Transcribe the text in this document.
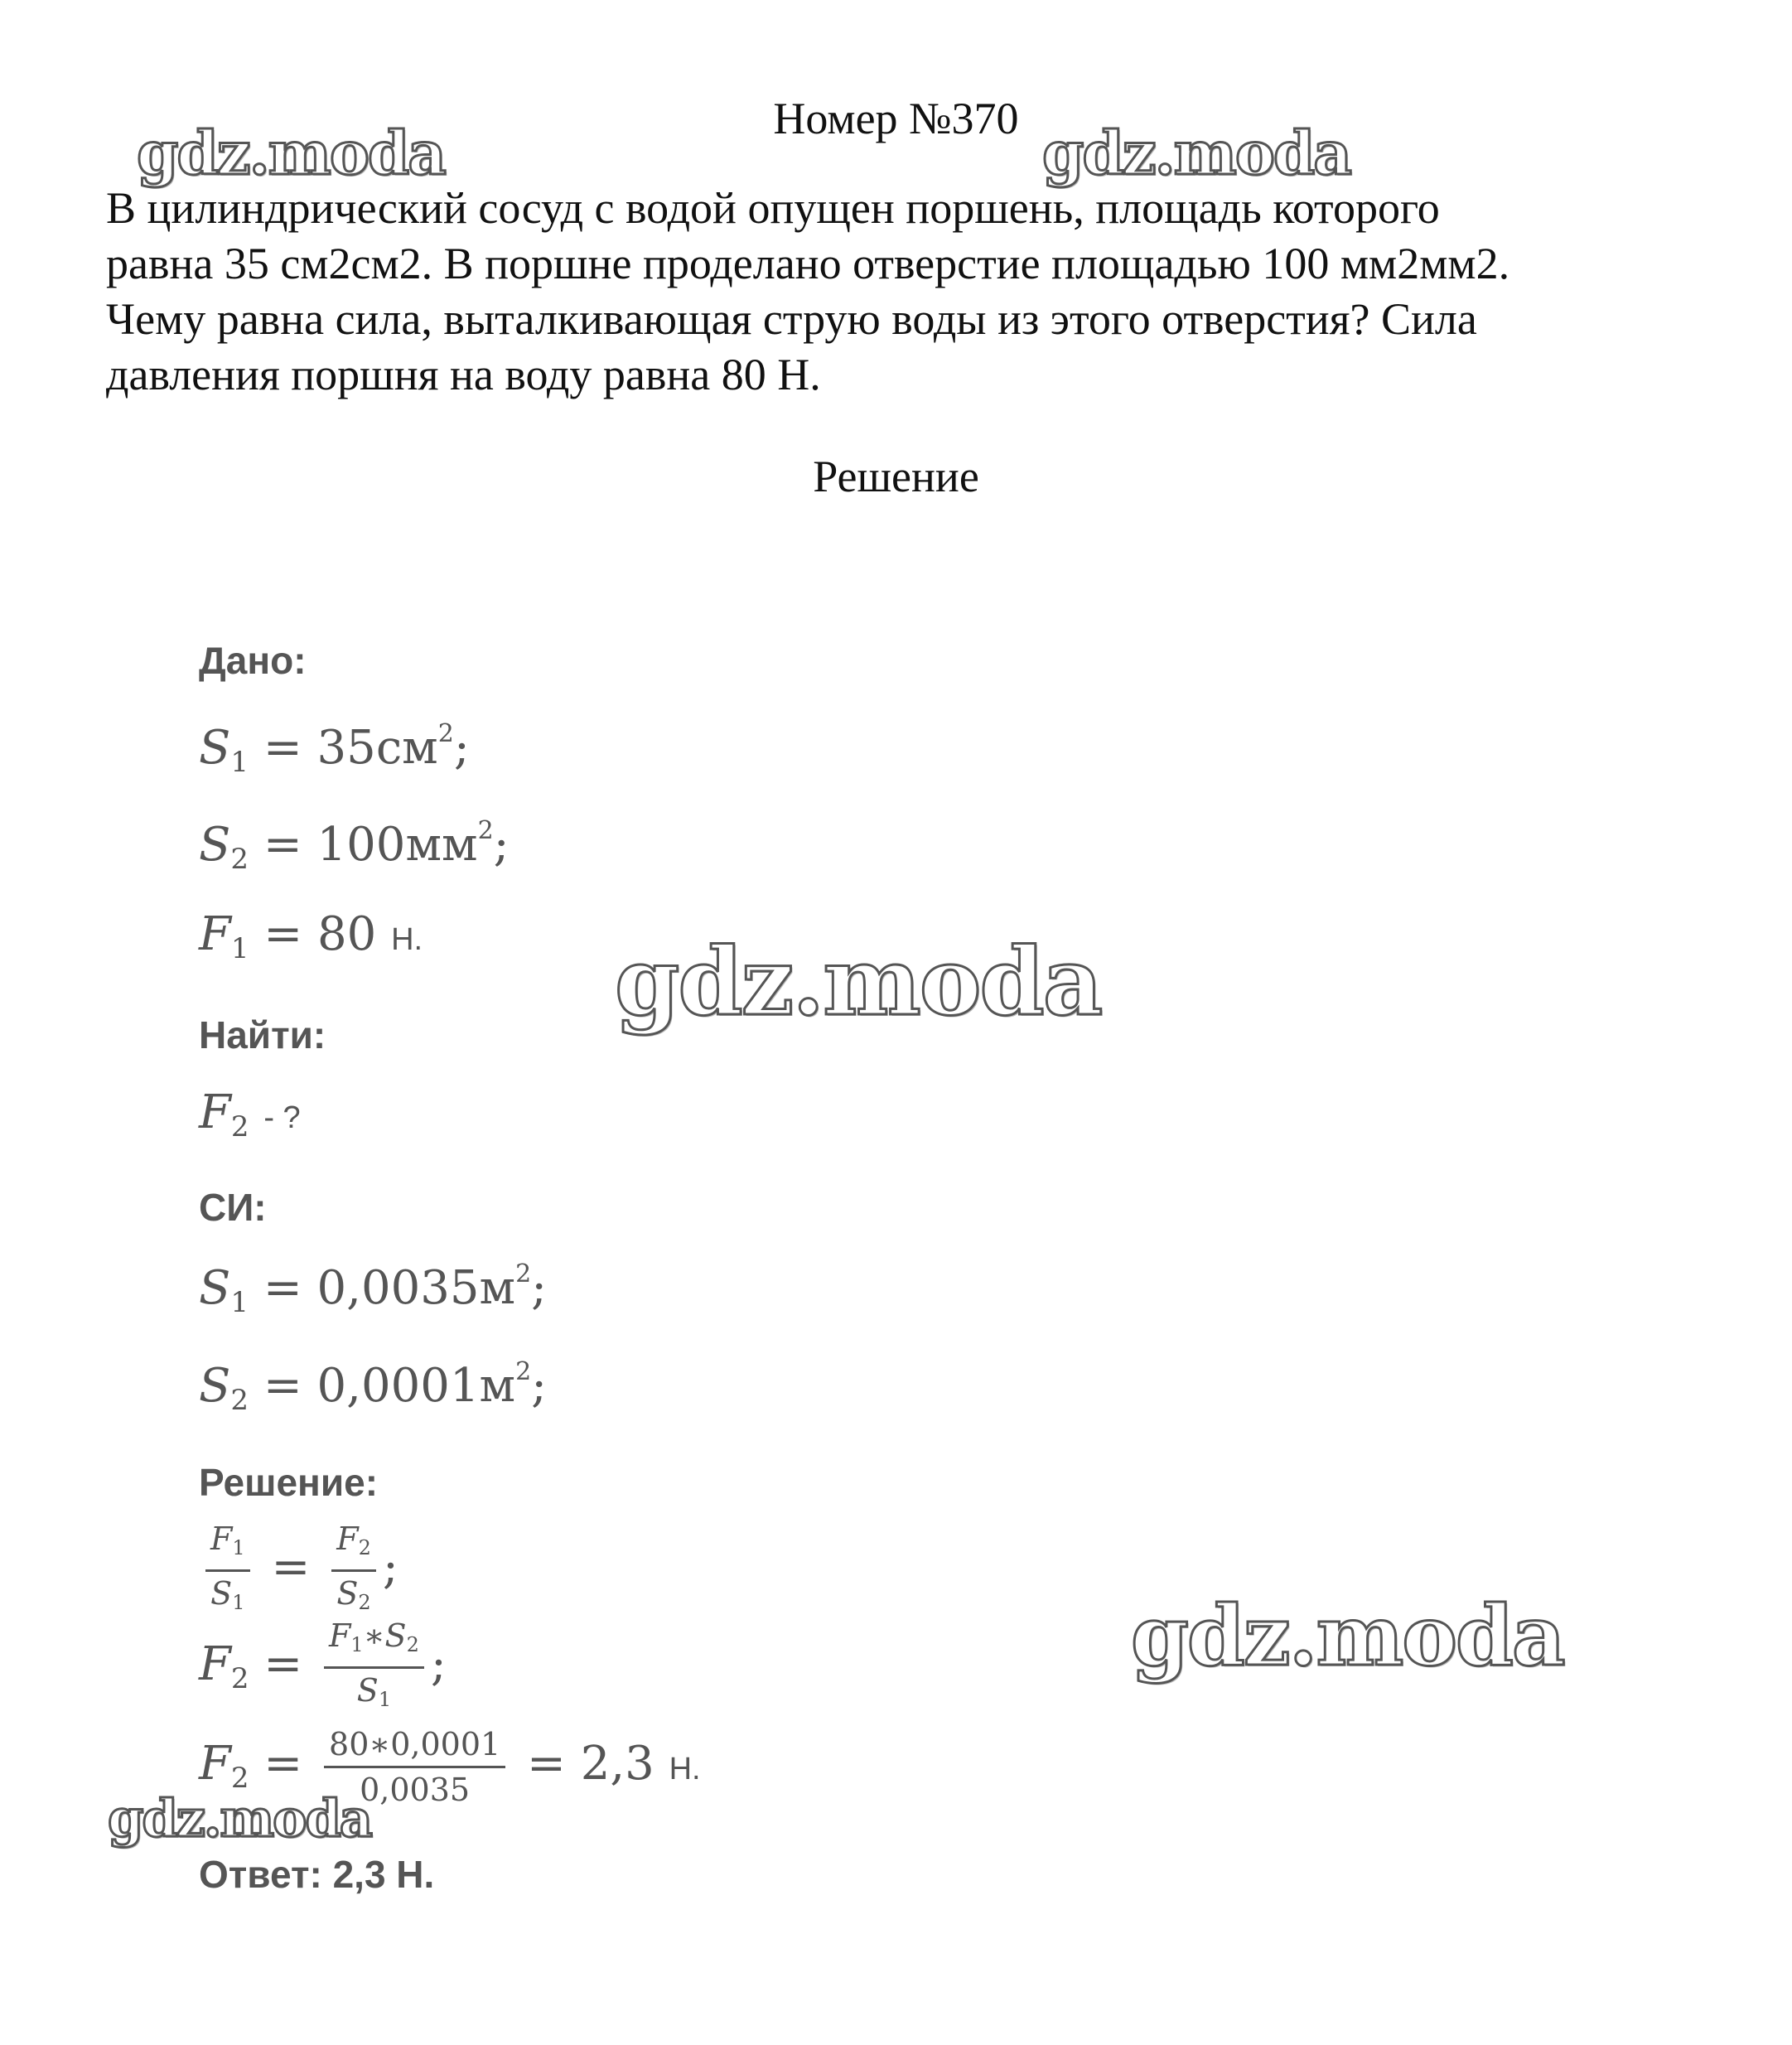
Номер №370
В цилиндрический сосуд с водой опущен поршень, площадь которого
равна 35 см2см2. В поршне проделано отверстие площадью 100 мм2мм2.
Чему равна сила, выталкивающая струю воды из этого отверстия? Сила
давления поршня на воду равна 80 Н.
Решение
Дано:
$S_1 = 35см^2$;
$S_2 = 100мм^2$;
$F_1 = 80$ Н.
Найти:
$F_2$ - ?
СИ:
$S_1 = 0,0035м^2$;
$S_2 = 0,0001м^2$;
Решение:
$\frac{F_1}{S_1} = \frac{F_2}{S_2}$ ;
$F_2 = \frac{F_1∗S_2}{S_1}$ ;
$F_2 = \frac{80∗0,0001}{0,0035} = 2,3$ Н.
Ответ: 2,3 Н.
gdz.moda	gdz.moda
gdz.moda
gdz.moda
gdz.moda
